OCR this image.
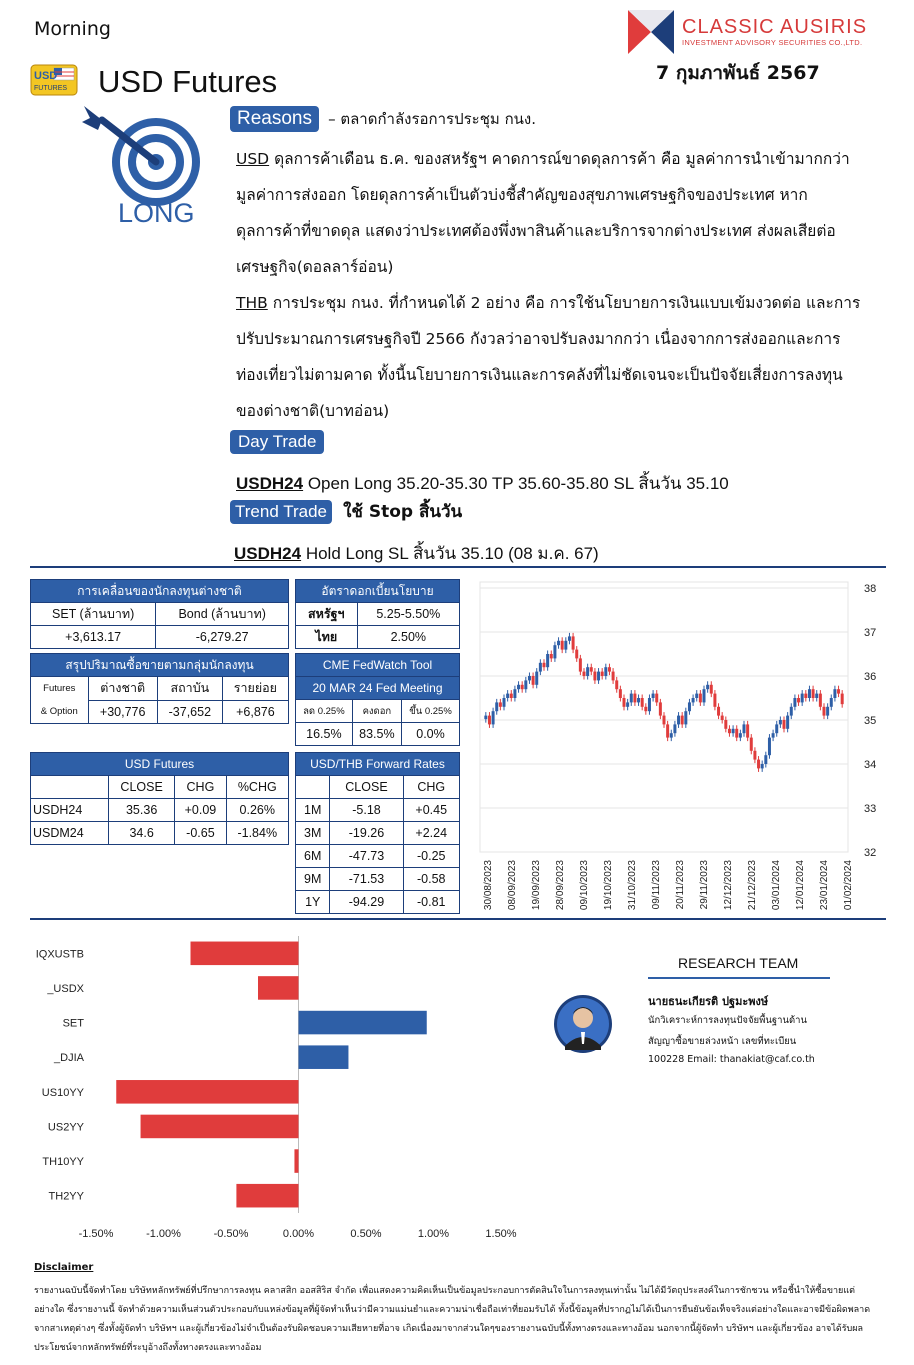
Morning	CLASSIC AUSIRIS
INVESTMENT ADVISORY SECURITIES CO.,LTD.
7 กุมภาพันธ์ 2567
USD
FUTURES USD Futures
LONG
Reasons – ตลาดกำลังรอการประชุม กนง.
USD ดุลการค้าเดือน ธ.ค. ของสหรัฐฯ คาดการณ์ขาดดุลการค้า คือ มูลค่าการนำเข้ามากกว่า
มูลค่าการส่งออก โดยดุลการค้าเป็นตัวบ่งชี้สำคัญของสุขภาพเศรษฐกิจของประเทศ หาก
ดุลการค้าที่ขาดดุล แสดงว่าประเทศต้องพึ่งพาสินค้าและบริการจากต่างประเทศ ส่งผลเสียต่อ
เศรษฐกิจ(ดอลลาร์อ่อน)
THB การประชุม กนง. ที่กำหนดได้ 2 อย่าง คือ การใช้นโยบายการเงินแบบเข้มงวดต่อ และการ
ปรับประมาณการเศรษฐกิจปี 2566 กังวลว่าอาจปรับลงมากกว่า เนื่องจากการส่งออกและการ
ท่องเที่ยวไม่ตามคาด ทั้งนี้นโยบายการเงินและการคลังที่ไม่ชัดเจนจะเป็นปัจจัยเสี่ยงการลงทุน
ของต่างชาติ(บาทอ่อน)
Day Trade
USDH24 Open Long 35.20-35.30 TP 35.60-35.80 SL สิ้นวัน 35.10
Trend Trade ใช้ Stop สิ้นวัน
USDH24 Hold Long SL สิ้นวัน 35.10 (08 ม.ค. 67)
การเคลื่อนของนักลงทุนต่างชาติ	
SET (ล้านบาท)	Bond (ล้านบาท)
+3,613.17	-6,279.27
สรุปปริมาณซื้อขายตามกลุ่มนักลงทุน			

Futures
& Option	ต่างชาติ	สถาบัน	รายย่อย
	+30,776	-37,652	+6,876
USD Futures			
	CLOSE	CHG	%CHG
USDH24	35.36	+0.09	0.26%
USDM24	34.6	-0.65	-1.84%
อัตราดอกเบี้ยนโยบาย	
สหรัฐฯ	5.25-5.50%
ไทย	2.50%
CME FedWatch Tool		
20 MAR 24 Fed Meeting		
ลด 0.25%	คงดอก	ขึ้น 0.25%
16.5%	83.5%	0.0%
USD/THB Forward Rates		
	CLOSE	CHG
1M	-5.18	+0.45
3M	-19.26	+2.24
6M	-47.73	-0.25
9M	-71.53	-0.58
1Y	-94.29	-0.81
32
33
34
35
36
37
38
30/08/2023 08/09/2023 19/09/2023 28/09/2023 09/10/2023 19/10/2023 31/10/2023 09/11/2023 20/11/2023 29/11/2023 12/12/2023 21/12/2023 03/01/2024 12/01/2024 23/01/2024 01/02/2024
IQXUSTB
_USDX
SET
_DJIA
US10YY
US2YY
TH10YY
TH2YY
-1.50%	-1.00%	-0.50%	0.00%	0.50%	1.00%	1.50%
RESEARCH TEAM
นายธนะเกียรติ ปฐมะพงษ์
นักวิเคราะห์การลงทุนปัจจัยพื้นฐานด้าน
สัญญาซื้อขายล่วงหน้า เลขที่ทะเบียน
100228 Email: thanakiat@caf.co.th
Disclaimer
รายงานฉบับนี้จัดทำโดย บริษัทหลักทรัพย์ที่ปรึกษาการลงทุน คลาสสิก ออสสิริส จำกัด เพื่อแสดงความคิดเห็นเป็นข้อมูลประกอบการตัดสินใจในการลงทุนเท่านั้น ไม่ได้มีวัตถุประสงค์ในการชักชวน หรือชี้นำให้ซื้อขายแต่อย่างใด ซึ่งรายงานนี้ จัดทำด้วยความเห็นส่วนตัวประกอบกับแหล่งข้อมูลที่ผู้จัดทำเห็นว่ามีความแม่นยำและความน่าเชื่อถือเท่าที่ยอมรับได้ ทั้งนี้ข้อมูลที่ปรากฏไม่ได้เป็นการยืนยันข้อเท็จจริงแต่อย่างใดและอาจมีข้อผิดพลาดจากสาเหตุต่างๆ ซึ่งทั้งผู้จัดทำ บริษัทฯ และผู้เกี่ยวข้องไม่จำเป็นต้องรับผิดชอบความเสียหายที่อาจ เกิดเนื่องมาจากส่วนใดๆของรายงานฉบับนี้ทั้งทางตรงและทางอ้อม นอกจากนี้ผู้จัดทำ บริษัทฯ และผู้เกี่ยวข้อง อาจได้รับผลประโยชน์จากหลักทรัพย์ที่ระบุอ้างถึงทั้งทางตรงและทางอ้อม
